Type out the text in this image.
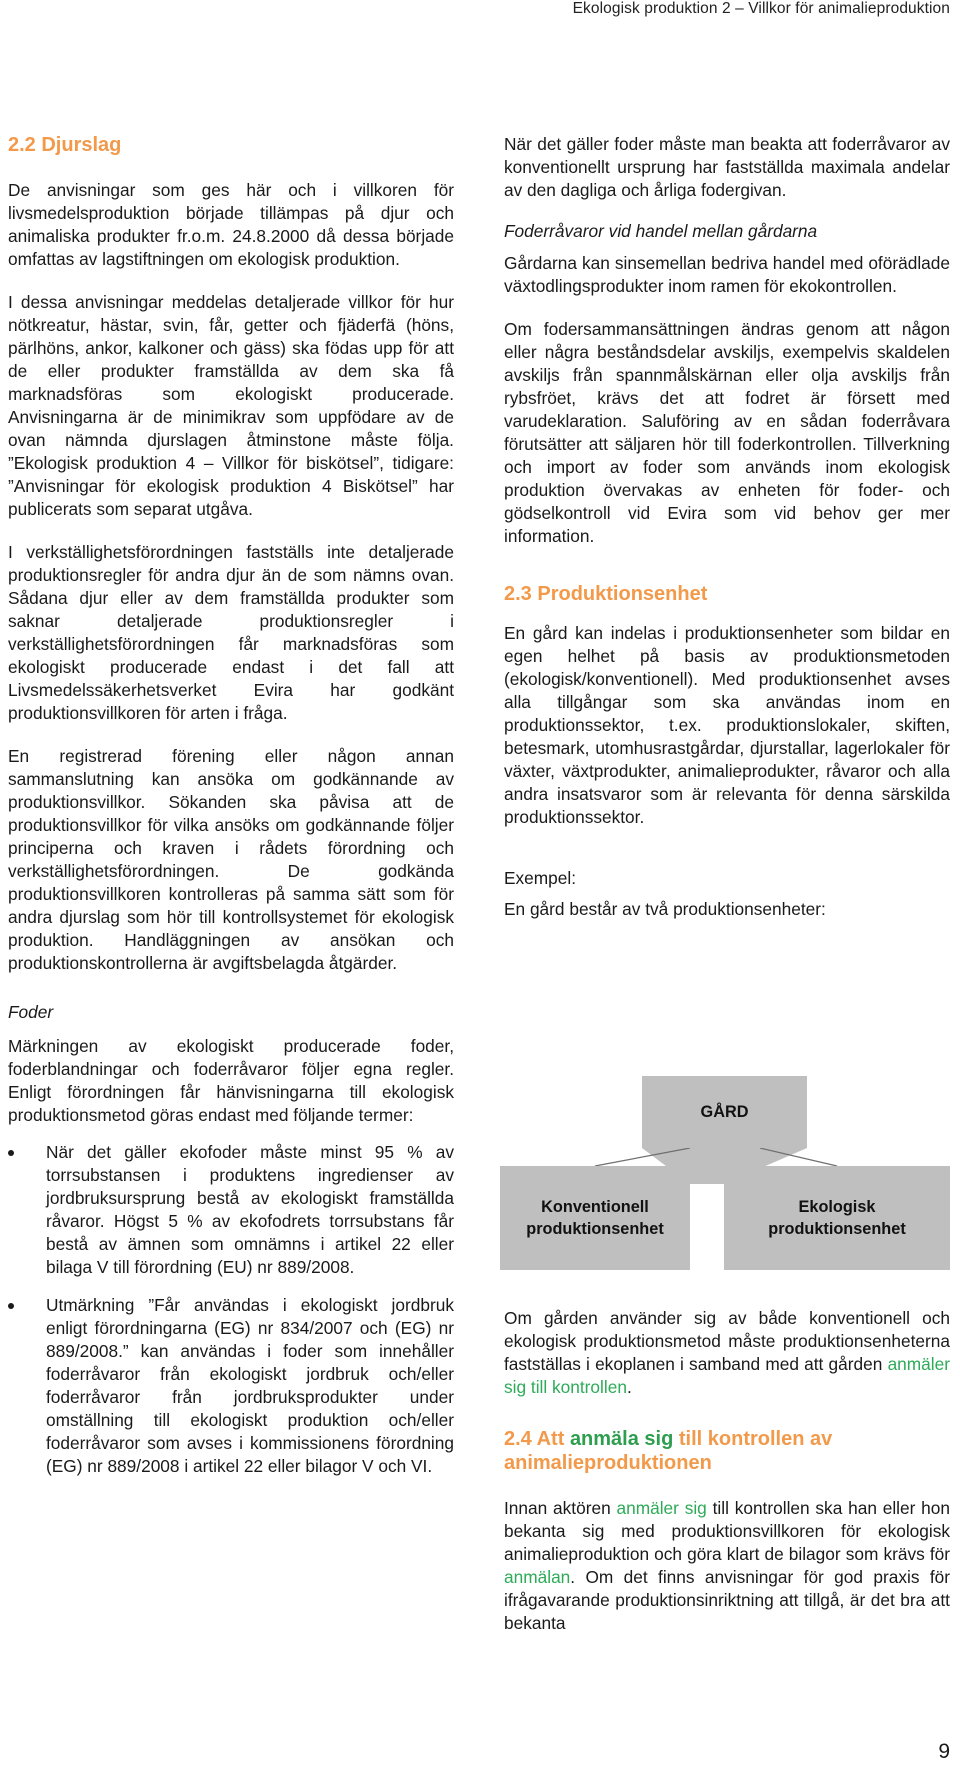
Ekologisk produktion 2 – Villkor för animalieproduktion
2.2 Djurslag

De anvisningar som ges här och i villkoren för livsmedelsproduktion började tillämpas på djur och animaliska produkter fr.o.m. 24.8.2000 då dessa började omfattas av lagstiftningen om ekologisk produktion.

I dessa anvisningar meddelas detaljerade villkor för hur nötkreatur, hästar, svin, får, getter och fjäderfä (höns, pärlhöns, ankor, kalkoner och gäss) ska födas upp för att de eller produkter framställda av dem ska få marknadsföras som ekologiskt producerade. Anvisningarna är de minimikrav som uppfödare av de ovan nämnda djurslagen åtminstone måste följa. ”Ekologisk produktion 4 – Villkor för biskötsel”, tidigare: ”Anvisningar för ekologisk produktion 4 Biskötsel” har publicerats som separat utgåva.

I verkställighetsförordningen fastställs inte detaljerade produktionsregler för andra djur än de som nämns ovan. Sådana djur eller av dem framställda produkter som saknar detaljerade produktionsregler i verkställighetsförordningen får marknadsföras som ekologiskt producerade endast i det fall att Livsmedelssäkerhetsverket Evira har godkänt produktionsvillkoren för arten i fråga.

En registrerad förening eller någon annan sammanslutning kan ansöka om godkännande av produktionsvillkor. Sökanden ska påvisa att de produktionsvillkor för vilka ansöks om godkännande följer principerna och kraven i rådets förordning och verkställighetsförordningen. De godkända produktionsvillkoren kontrolleras på samma sätt som för andra djurslag som hör till kontrollsystemet för ekologisk produktion. Handläggningen av ansökan och produktionskontrollerna är avgiftsbelagda åtgärder.

Foder

Märkningen av ekologiskt producerade foder, foderblandningar och foderråvaror följer egna regler. Enligt förordningen får hänvisningarna till ekologisk produktionsmetod göras endast med följande termer:

När det gäller ekofoder måste minst 95 % av torrsubstansen i produktens ingredienser av jordbruksursprung bestå av ekologiskt framställda råvaror. Högst 5 % av ekofodrets torrsubstans får bestå av ämnen som omnämns i artikel 22 eller bilaga V till förordning (EU) nr 889/2008.
Utmärkning ”Får användas i ekologiskt jordbruk enligt förordningarna (EG) nr 834/2007 och (EG) nr 889/2008.” kan användas i foder som innehåller foderråvaror från ekologiskt jordbruk och/eller foderråvaror från jordbruksprodukter under omställning till ekologiskt produktion och/eller foderråvaror som avses i kommissionens förordning (EG) nr 889/2008 i artikel 22 eller bilagor V och VI.

När det gäller foder måste man beakta att foderråvaror av konventionellt ursprung har fastställda maximala andelar av den dagliga och årliga fodergivan.

Foderråvaror vid handel mellan gårdarna

Gårdarna kan sinsemellan bedriva handel med oförädlade växtodlingsprodukter inom ramen för ekokontrollen.

Om fodersammansättningen ändras genom att någon eller några beståndsdelar avskiljs, exempelvis skaldelen avskiljs från spannmålskärnan eller olja avskiljs från rybsfröet, krävs det att fodret är försett med varudeklaration. Saluföring av en sådan foderråvara förutsätter att säljaren hör till foderkontrollen. Tillverkning och import av foder som används inom ekologisk produktion övervakas av enheten för foder- och gödselkontroll vid Evira som vid behov ger mer information.

2.3 Produktionsenhet

En gård kan indelas i produktionsenheter som bildar en egen helhet på basis av produktionsmetoden (ekologisk/konventionell). Med produktionsenhet avses alla tillgångar som ska användas inom en produktionssektor, t.ex. produktionslokaler, skiften, betesmark, utomhusrastgårdar, djurstallar, lagerlokaler för växter, växtprodukter, animalieprodukter, råvaror och alla andra insatsvaror som är relevanta för denna särskilda produktionssektor.

Exempel:

En gård består av två produktionsenheter:

GÅRD
Konventionell produktionsenhet
Ekologisk produktionsenhet

Om gården använder sig av både konventionell och ekologisk produktionsmetod måste produktionsenheterna fastställas i ekoplanen i samband med att gården anmäler sig till kontrollen.

2.4 Att anmäla sig till kontrollen av animalieproduktionen

Innan aktören anmäler sig till kontrollen ska han eller hon bekanta sig med produktionsvillkoren för ekologisk animalieproduktion och göra klart de bilagor som krävs för anmälan. Om det finns anvisningar för god praxis för ifrågavarande produktionsinriktning att tillgå, är det bra att bekanta

9
